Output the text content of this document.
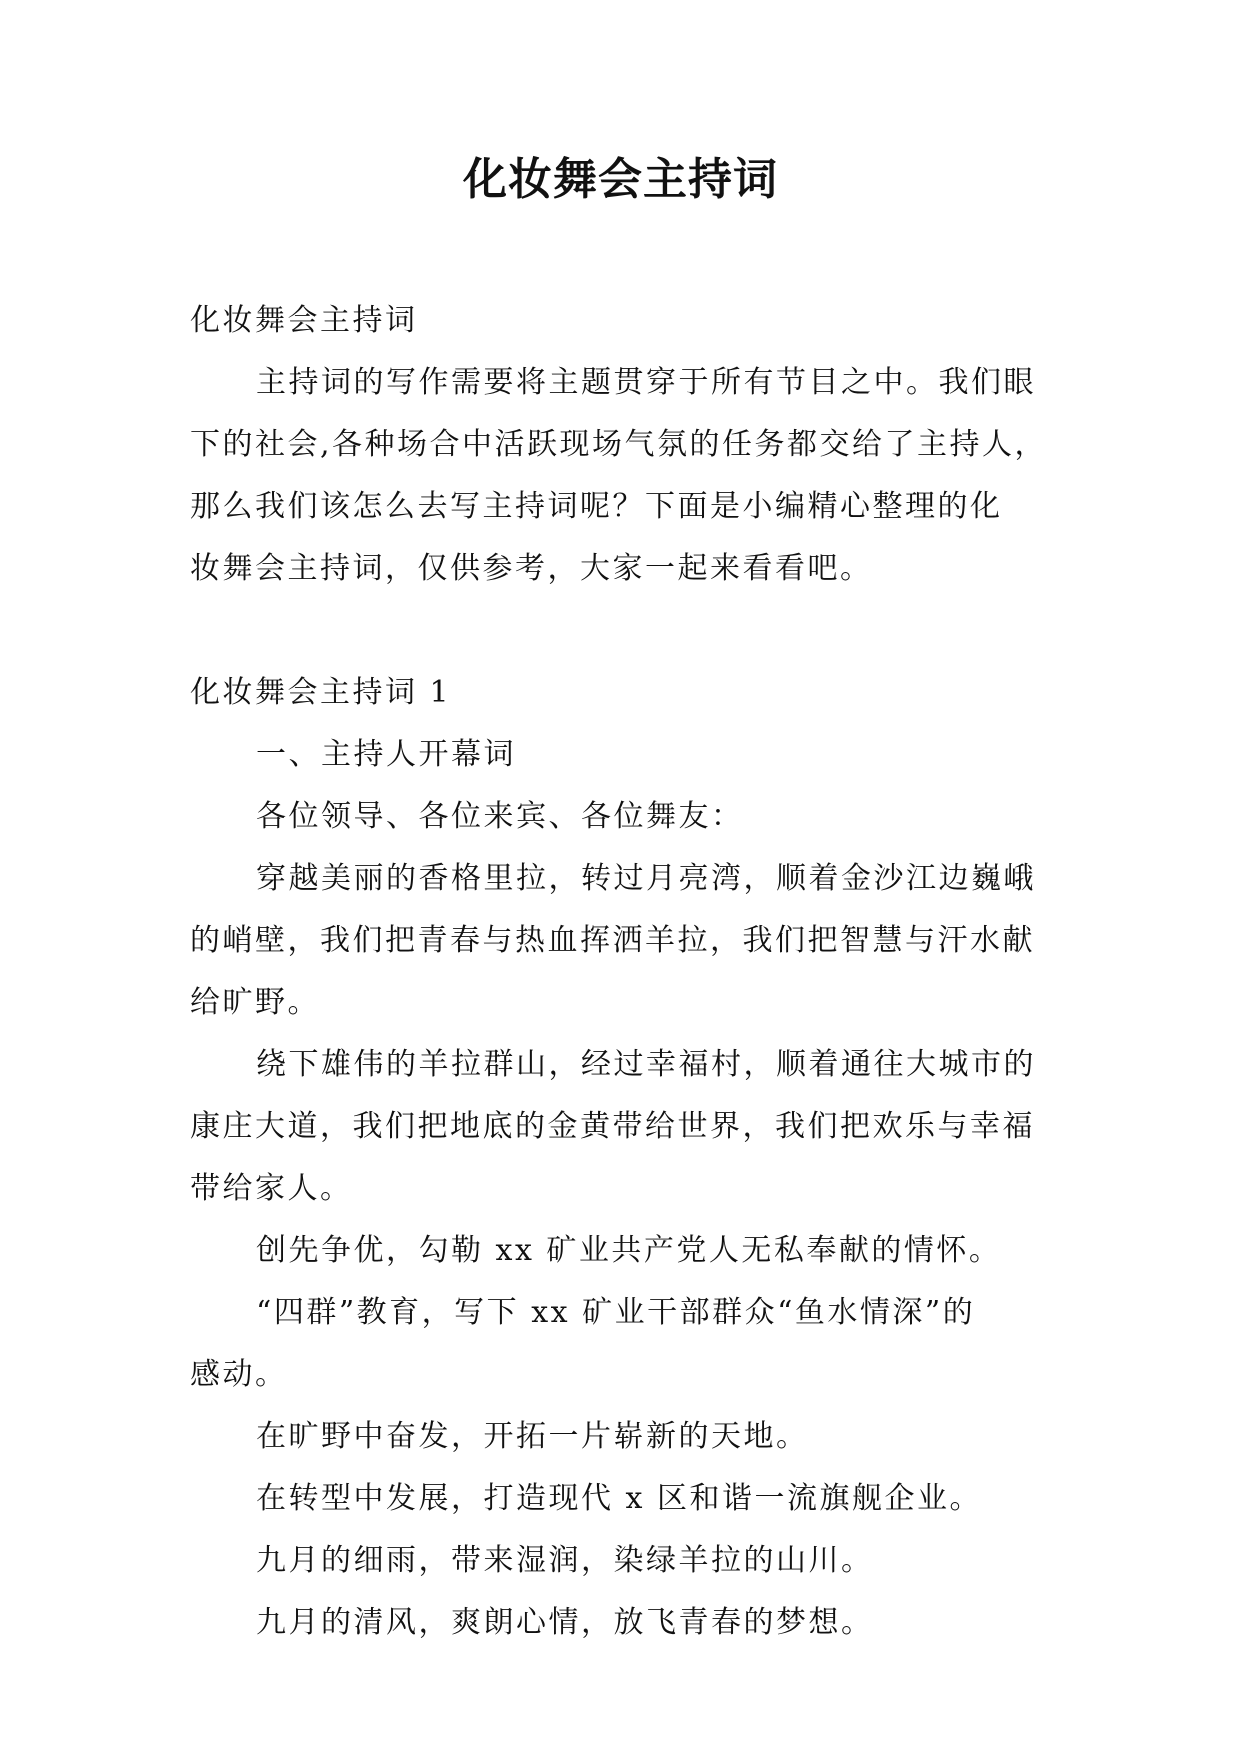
化妆舞会主持词

化妆舞会主持词

主持词的写作需要将主题贯穿于所有节目之中。我们眼

下的社会,各种场合中活跃现场气氛的任务都交给了主持人，

那么我们该怎么去写主持词呢？下面是小编精心整理的化

妆舞会主持词，仅供参考，大家一起来看看吧。

化妆舞会主持词 1

一、主持人开幕词

各位领导、各位来宾、各位舞友：

穿越美丽的香格里拉，转过月亮湾，顺着金沙江边巍峨

的峭壁，我们把青春与热血挥洒羊拉，我们把智慧与汗水献

给旷野。

绕下雄伟的羊拉群山，经过幸福村，顺着通往大城市的

康庄大道，我们把地底的金黄带给世界，我们把欢乐与幸福

带给家人。

创先争优，勾勒 xx 矿业共产党人无私奉献的情怀。

“四群”教育，写下 xx 矿业干部群众“鱼水情深”的

感动。

在旷野中奋发，开拓一片崭新的天地。

在转型中发展，打造现代 x 区和谐一流旗舰企业。

九月的细雨，带来湿润，染绿羊拉的山川。

九月的清风，爽朗心情，放飞青春的梦想。
